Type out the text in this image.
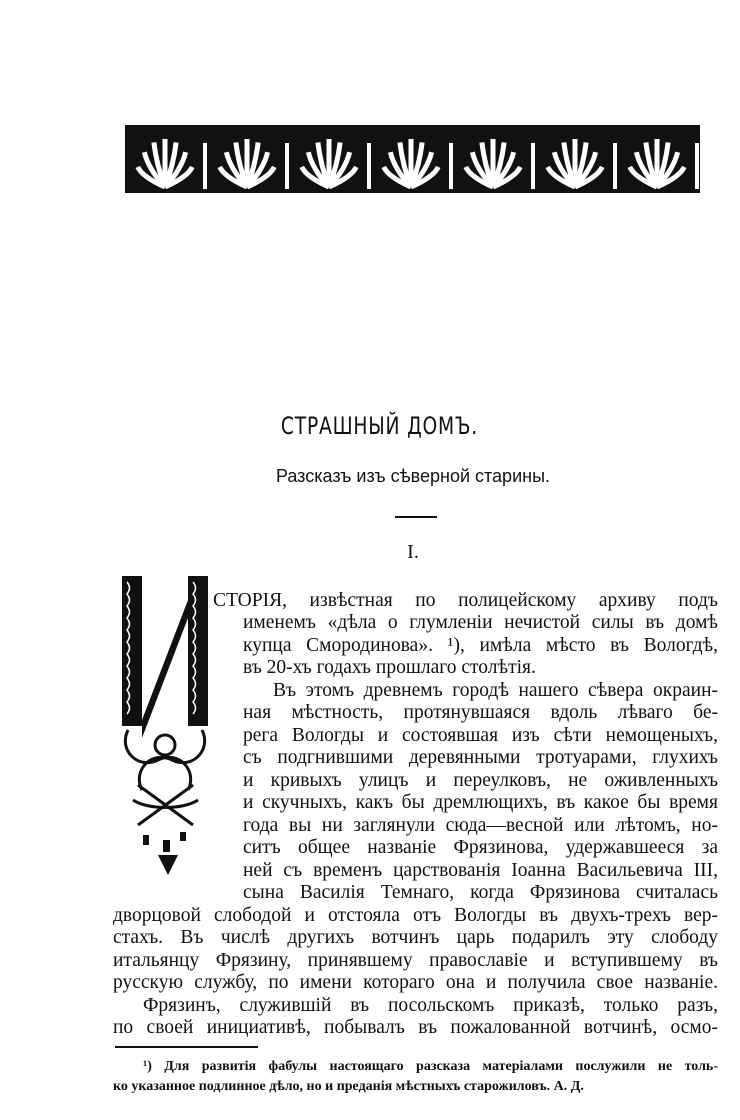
СТРАШНЫЙ ДОМЪ.
Разсказъ изъ сѣверной старины.
I.
СТОРІЯ, извѣстная по полицейскому архиву подъ
именемъ «дѣла о глумленіи нечистой силы въ домѣ
купца Смородинова». ¹), имѣла мѣсто въ Вологдѣ,
въ 20-хъ годахъ прошлаго столѣтія.
Въ этомъ древнемъ городѣ нашего сѣвера окраин-
ная мѣстность, протянувшаяся вдоль лѣваго бе-
рега Вологды и состоявшая изъ сѣти немощеныхъ,
съ подгнившими деревянными тротуарами, глухихъ
и кривыхъ улицъ и переулковъ, не оживленныхъ
и скучныхъ, какъ бы дремлющихъ, въ какое бы время
года вы ни заглянули сюда—весной или лѣтомъ, но-
ситъ общее названіе Фрязинова, удержавшееся за
ней съ временъ царствованія Іоанна Васильевича III,
сына Василія Темнаго, когда Фрязинова считалась
дворцовой слободой и отстояла отъ Вологды въ двухъ-трехъ вер-
стахъ. Въ числѣ другихъ вотчинъ царь подарилъ эту слободу
итальянцу Фрязину, принявшему православіе и вступившему въ
русскую службу, по имени котораго она и получила свое названіе.
Фрязинъ, служившій въ посольскомъ приказѣ, только разъ,
по своей инициативѣ, побывалъ въ пожалованной вотчинѣ, осмо-
¹) Для развитія фабулы настоящаго разсказа матеріалами послужили не толь-
ко указанное подлинное дѣло, но и преданія мѣстныхъ старожиловъ. А. Д.
